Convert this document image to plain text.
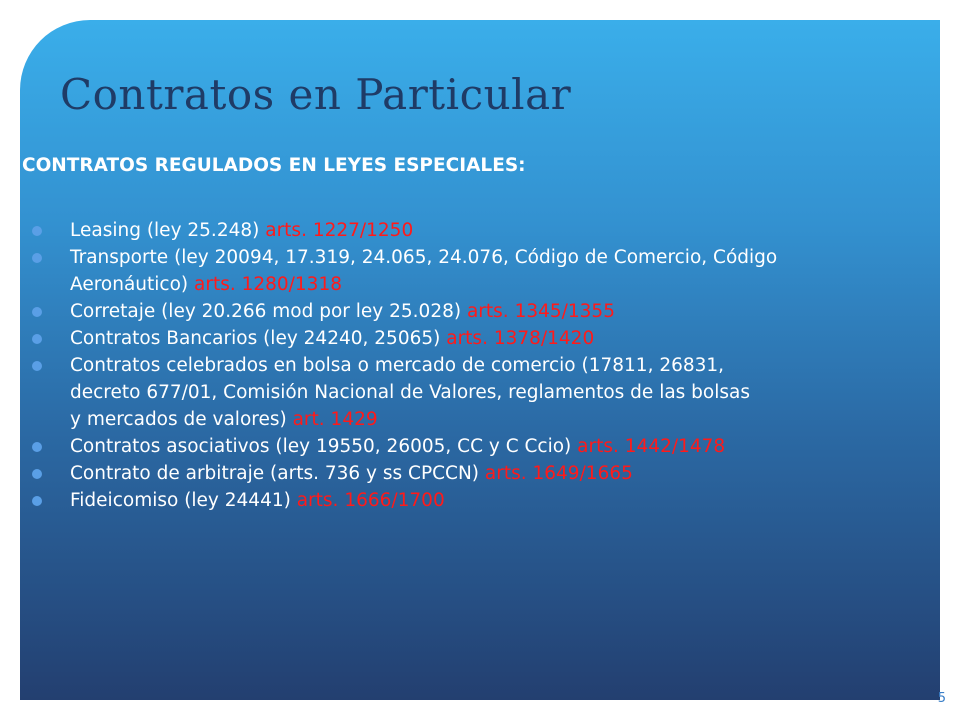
Contratos en Particular
CONTRATOS REGULADOS EN LEYES ESPECIALES:
Leasing (ley 25.248) arts. 1227/1250
Transporte (ley 20094, 17.319, 24.065, 24.076, Código de Comercio, Código
Aeronáutico) arts. 1280/1318
Corretaje (ley 20.266 mod por ley 25.028) arts. 1345/1355
Contratos Bancarios (ley 24240, 25065) arts. 1378/1420
Contratos celebrados en bolsa o mercado de comercio (17811, 26831,
decreto 677/01, Comisión Nacional de Valores, reglamentos de las bolsas
y mercados de valores) art. 1429
Contratos asociativos (ley 19550, 26005, CC y C Ccio) arts. 1442/1478
Contrato de arbitraje (arts. 736 y ss CPCCN) arts. 1649/1665
Fideicomiso (ley 24441) arts. 1666/1700
5
